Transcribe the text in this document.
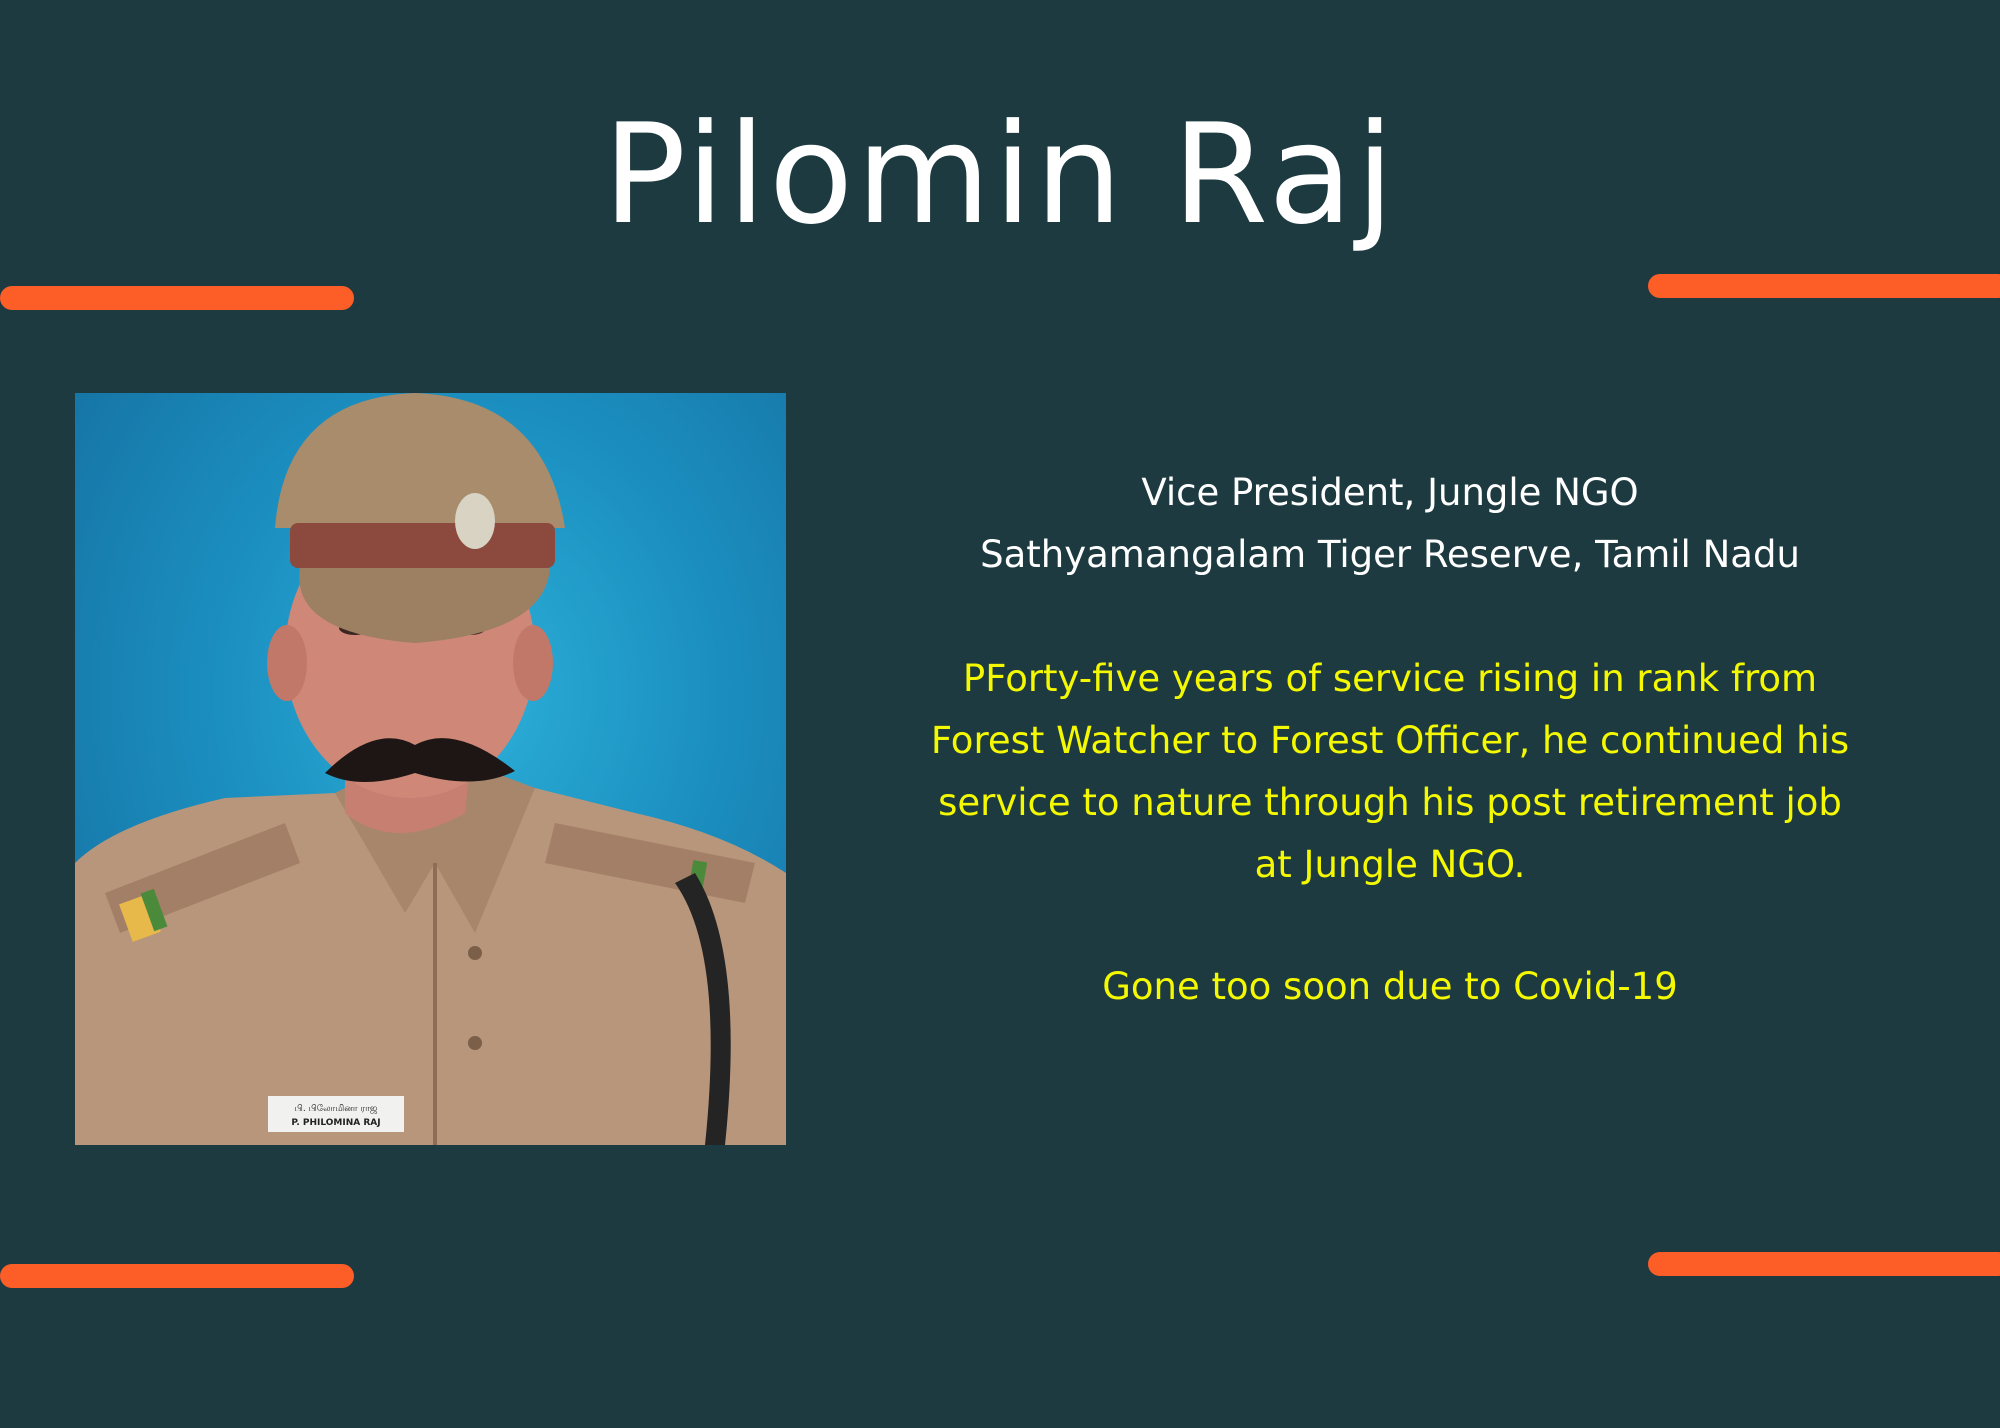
Pilomin Raj
பி. பிலோமினா ராஜ
P. PHILOMINA RAJ

Vice President, Jungle NGO

Sathyamangalam Tiger Reserve, Tamil Nadu

PForty-five years of service rising in rank from Forest Watcher to Forest Officer, he continued his service to nature through his post retirement job at Jungle NGO.

Gone too soon due to Covid-19
